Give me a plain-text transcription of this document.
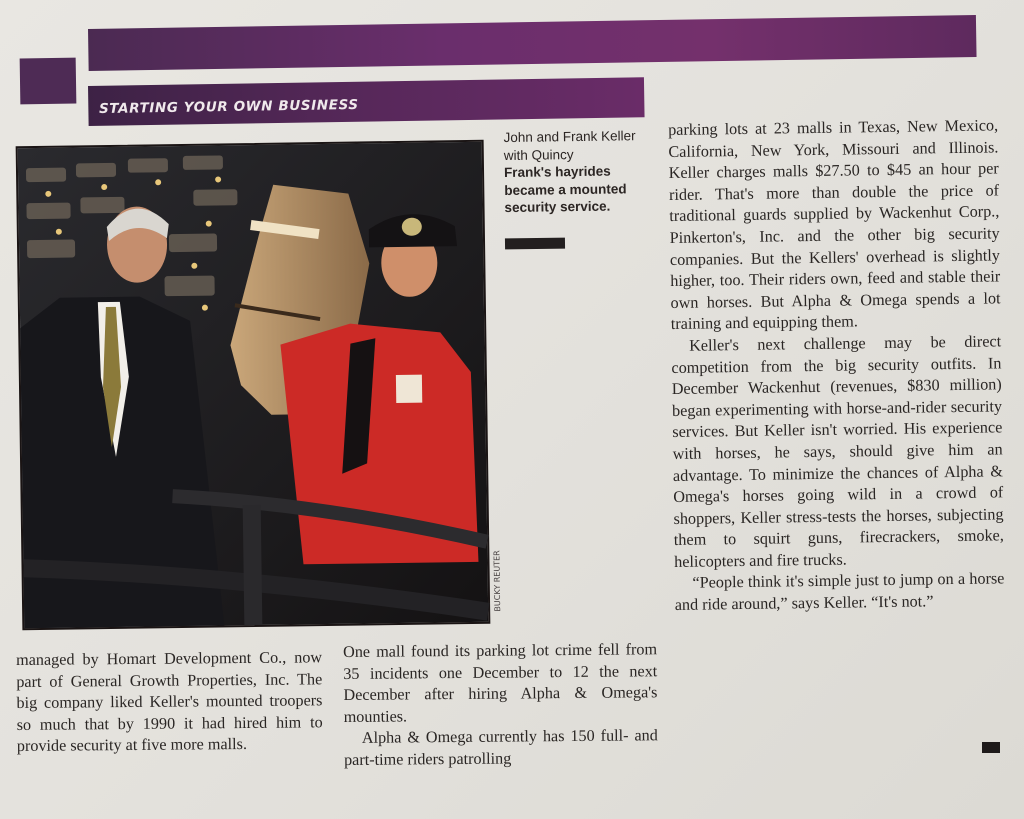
STARTING YOUR OWN BUSINESS
BUCKY REUTER
John and Frank Keller with Quincy
Frank's hayrides became a mounted security service.

parking lots at 23 malls in Texas, New Mexico, California, New York, Missouri and Illinois. Keller charges malls $27.50 to $45 an hour per rider. That's more than double the price of traditional guards supplied by Wackenhut Corp., Pinkerton's, Inc. and the other big security companies. But the Kellers' overhead is slightly higher, too. Their riders own, feed and stable their own horses. But Alpha & Omega spends a lot training and equipping them.

Keller's next challenge may be direct competition from the big security outfits. In December Wackenhut (revenues, $830 million) began experimenting with horse-and-rider security services. But Keller isn't worried. His experience with horses, he says, should give him an advantage. To minimize the chances of Alpha & Omega's horses going wild in a crowd of shoppers, Keller stress-tests the horses, subjecting them to squirt guns, firecrackers, smoke, helicopters and fire trucks.

“People think it's simple just to jump on a horse and ride around,” says Keller. “It's not.”

managed by Homart Development Co., now part of General Growth Properties, Inc. The big company liked Keller's mounted troopers so much that by 1990 it had hired him to provide security at five more malls.

One mall found its parking lot crime fell from 35 incidents one December to 12 the next December after hiring Alpha & Omega's mounties.

Alpha & Omega currently has 150 full- and part-time riders patrolling
